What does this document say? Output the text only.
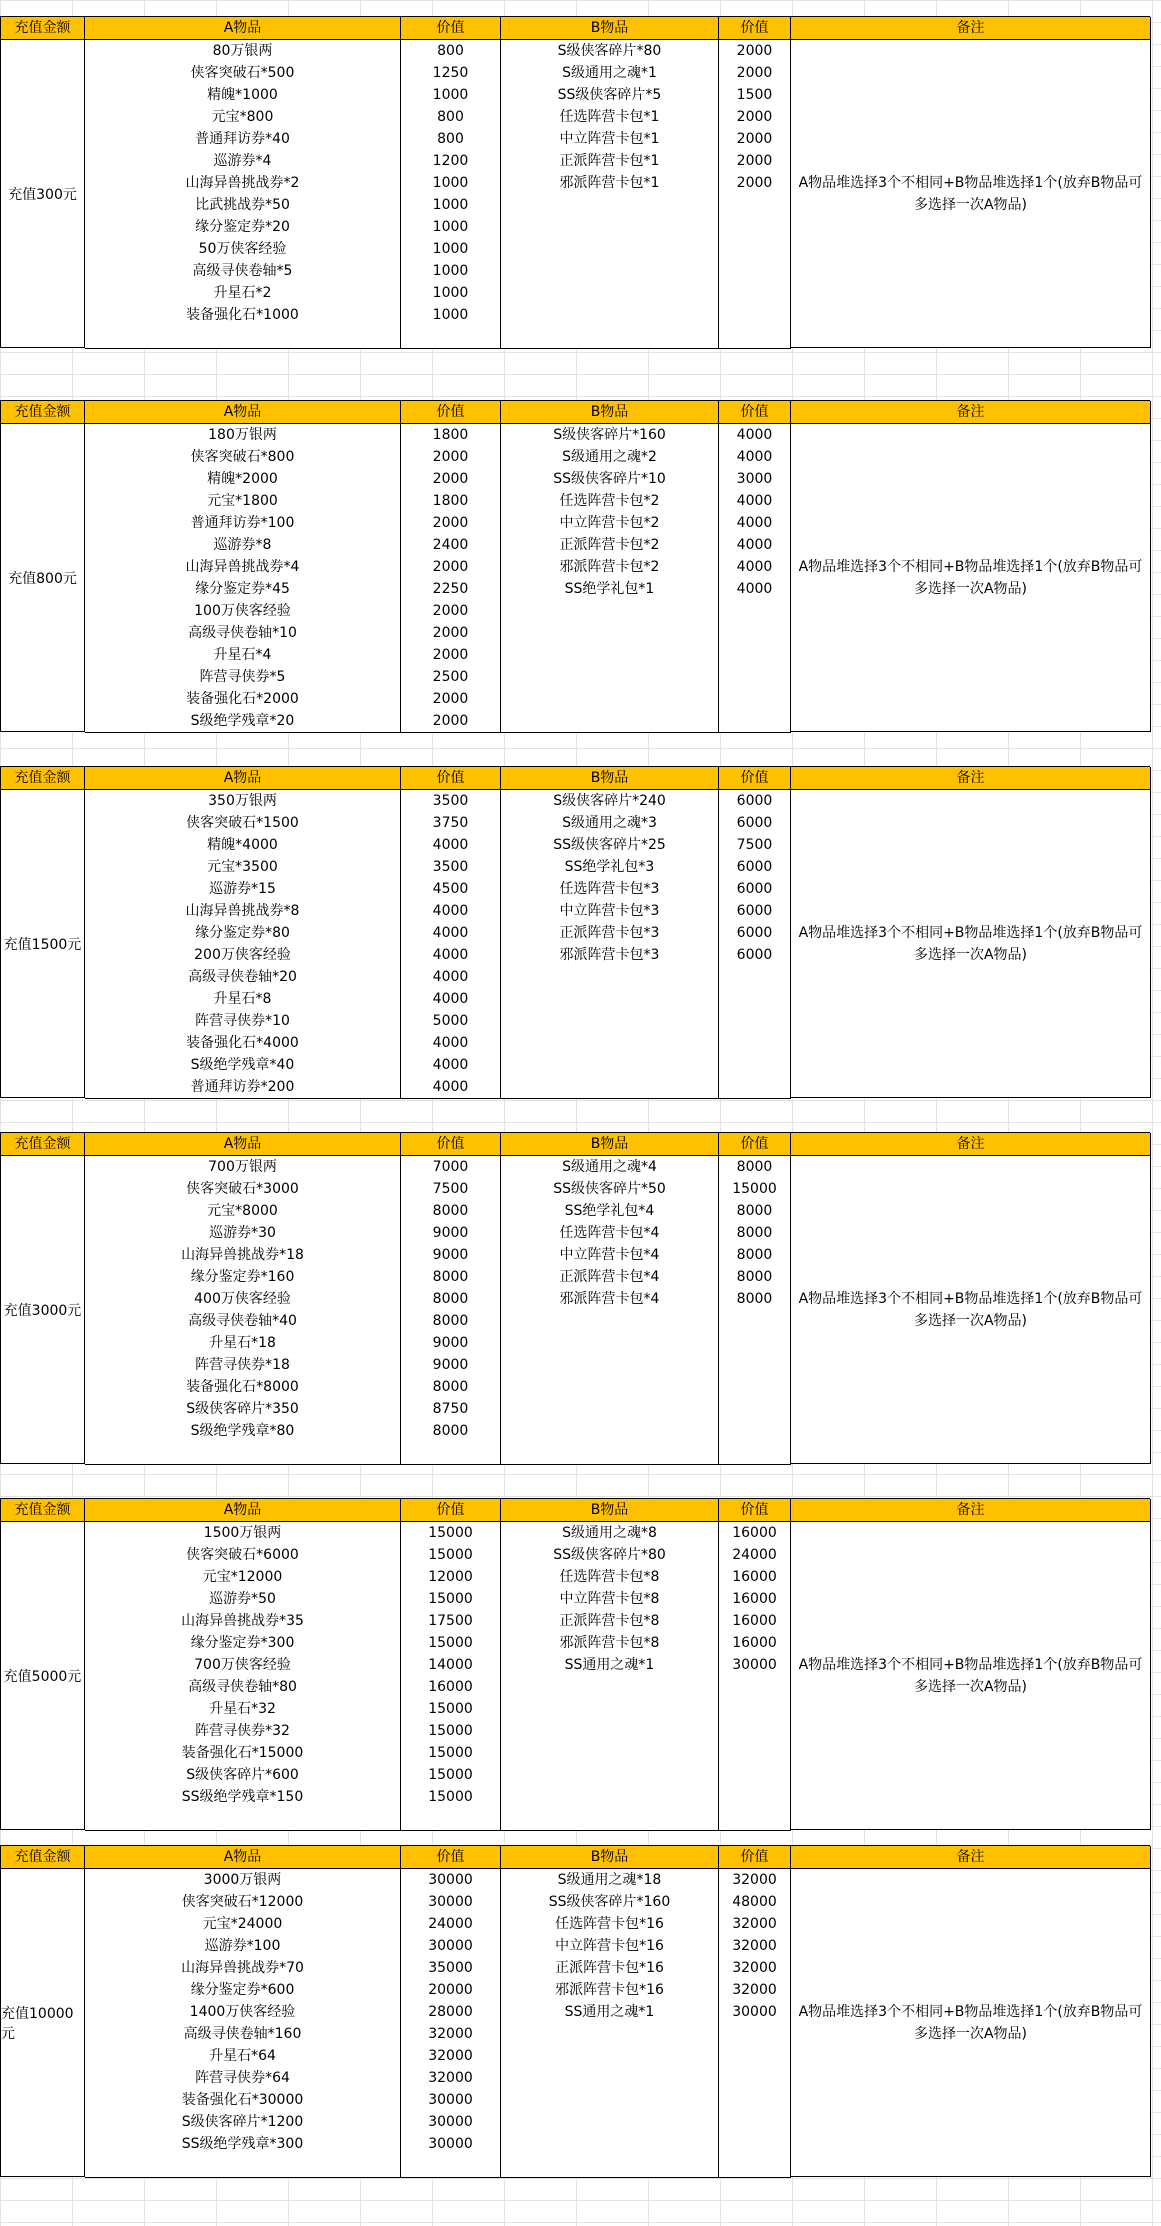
充值金额	A物品	价值	B物品	价值	备注
充值300元
80万银两	800	S级侠客碎片*80	2000
侠客突破石*500	1250	S级通用之魂*1	2000
精魄*1000	1000	SS级侠客碎片*5	1500
元宝*800	800	任选阵营卡包*1	2000
普通拜访券*40	800	中立阵营卡包*1	2000
巡游券*4	1200	正派阵营卡包*1	2000
山海异兽挑战券*2	1000	邪派阵营卡包*1	2000
比武挑战券*50	1000
缘分鉴定券*20	1000
50万侠客经验	1000
高级寻侠卷轴*5	1000
升星石*2	1000
装备强化石*1000	1000
A物品堆选择3个不相同+B物品堆选择1个(放弃B物品可多选择一次A物品)
充值金额	A物品	价值	B物品	价值	备注
充值800元
180万银两	1800	S级侠客碎片*160	4000
侠客突破石*800	2000	S级通用之魂*2	4000
精魄*2000	2000	SS级侠客碎片*10	3000
元宝*1800	1800	任选阵营卡包*2	4000
普通拜访券*100	2000	中立阵营卡包*2	4000
巡游券*8	2400	正派阵营卡包*2	4000
山海异兽挑战券*4	2000	邪派阵营卡包*2	4000
缘分鉴定券*45	2250	SS绝学礼包*1	4000
100万侠客经验	2000
高级寻侠卷轴*10	2000
升星石*4	2000
阵营寻侠券*5	2500
装备强化石*2000	2000
S级绝学残章*20	2000
A物品堆选择3个不相同+B物品堆选择1个(放弃B物品可多选择一次A物品)
充值金额	A物品	价值	B物品	价值	备注
充值1500元
350万银两	3500	S级侠客碎片*240	6000
侠客突破石*1500	3750	S级通用之魂*3	6000
精魄*4000	4000	SS级侠客碎片*25	7500
元宝*3500	3500	SS绝学礼包*3	6000
巡游券*15	4500	任选阵营卡包*3	6000
山海异兽挑战券*8	4000	中立阵营卡包*3	6000
缘分鉴定券*80	4000	正派阵营卡包*3	6000
200万侠客经验	4000	邪派阵营卡包*3	6000
高级寻侠卷轴*20	4000
升星石*8	4000
阵营寻侠券*10	5000
装备强化石*4000	4000
S级绝学残章*40	4000
普通拜访券*200	4000
A物品堆选择3个不相同+B物品堆选择1个(放弃B物品可多选择一次A物品)
充值金额	A物品	价值	B物品	价值	备注
充值3000元
700万银两	7000	S级通用之魂*4	8000
侠客突破石*3000	7500	SS级侠客碎片*50	15000
元宝*8000	8000	SS绝学礼包*4	8000
巡游券*30	9000	任选阵营卡包*4	8000
山海异兽挑战券*18	9000	中立阵营卡包*4	8000
缘分鉴定券*160	8000	正派阵营卡包*4	8000
400万侠客经验	8000	邪派阵营卡包*4	8000
高级寻侠卷轴*40	8000
升星石*18	9000
阵营寻侠券*18	9000
装备强化石*8000	8000
S级侠客碎片*350	8750
S级绝学残章*80	8000
A物品堆选择3个不相同+B物品堆选择1个(放弃B物品可多选择一次A物品)
充值金额	A物品	价值	B物品	价值	备注
充值5000元
1500万银两	15000	S级通用之魂*8	16000
侠客突破石*6000	15000	SS级侠客碎片*80	24000
元宝*12000	12000	任选阵营卡包*8	16000
巡游券*50	15000	中立阵营卡包*8	16000
山海异兽挑战券*35	17500	正派阵营卡包*8	16000
缘分鉴定券*300	15000	邪派阵营卡包*8	16000
700万侠客经验	14000	SS通用之魂*1	30000
高级寻侠卷轴*80	16000
升星石*32	15000
阵营寻侠券*32	15000
装备强化石*15000	15000
S级侠客碎片*600	15000
SS级绝学残章*150	15000
A物品堆选择3个不相同+B物品堆选择1个(放弃B物品可多选择一次A物品)
充值金额	A物品	价值	B物品	价值	备注
充值10000元
3000万银两	30000	S级通用之魂*18	32000
侠客突破石*12000	30000	SS级侠客碎片*160	48000
元宝*24000	24000	任选阵营卡包*16	32000
巡游券*100	30000	中立阵营卡包*16	32000
山海异兽挑战券*70	35000	正派阵营卡包*16	32000
缘分鉴定券*600	20000	邪派阵营卡包*16	32000
1400万侠客经验	28000	SS通用之魂*1	30000
高级寻侠卷轴*160	32000
升星石*64	32000
阵营寻侠券*64	32000
装备强化石*30000	30000
S级侠客碎片*1200	30000
SS级绝学残章*300	30000
A物品堆选择3个不相同+B物品堆选择1个(放弃B物品可多选择一次A物品)
